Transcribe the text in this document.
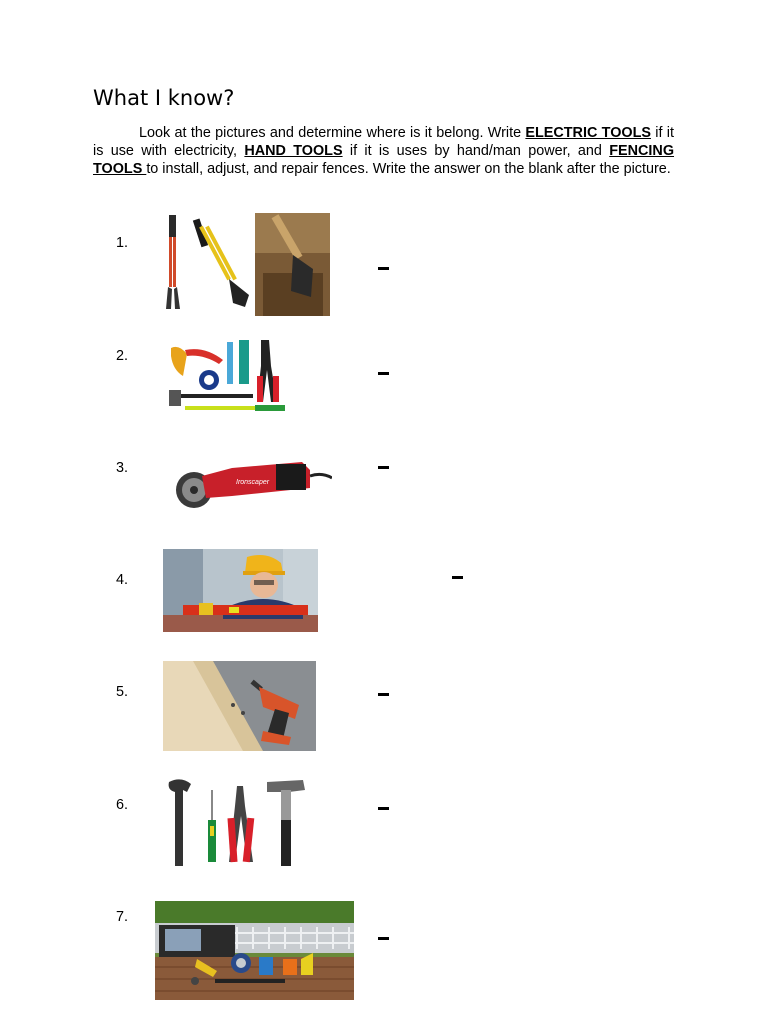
What I know?

Look at the pictures and determine where is it belong. Write ELECTRIC TOOLS if it is use with electricity, HAND TOOLS if it is uses by hand/man power, and FENCING TOOLS to install, adjust, and repair fences. Write the answer on the blank after the picture.

1.
2.
3.
Ironscaper
4.
5.
6.
7.
